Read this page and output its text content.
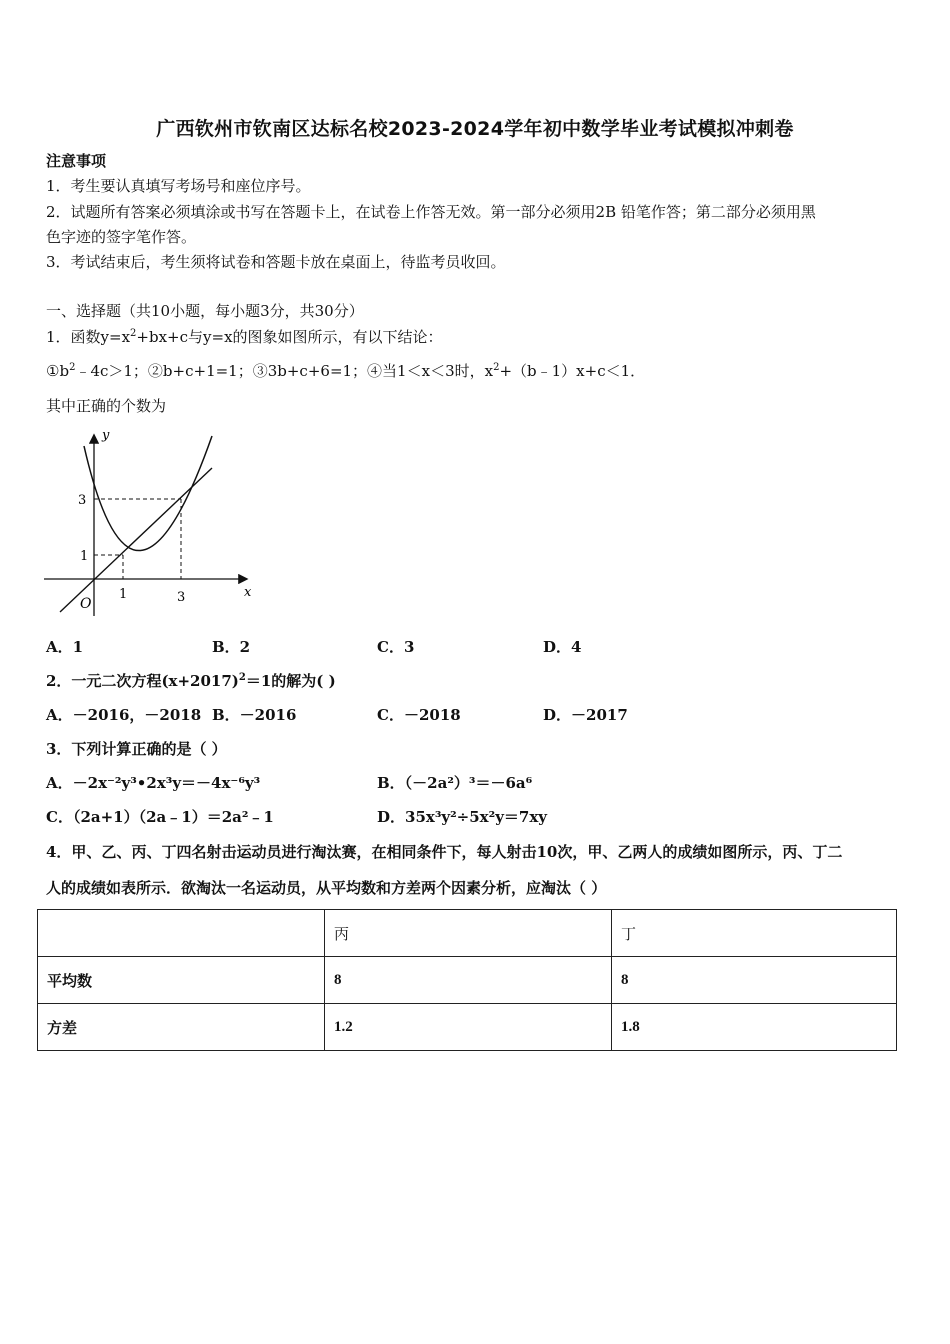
广西钦州市钦南区达标名校2023-2024学年初中数学毕业考试模拟冲刺卷
注意事项
1．考生要认真填写考场号和座位序号。
2．试题所有答案必须填涂或书写在答题卡上，在试卷上作答无效。第一部分必须用2B 铅笔作答；第二部分必须用黑
色字迹的签字笔作答。
3．考试结束后，考生须将试卷和答题卡放在桌面上，待监考员收回。
一、选择题（共10小题，每小题3分，共30分）
1．函数$y=x^2+bx+c$与y=x的图象如图所示，有以下结论：
$①b^2﹣4c>1$；②b+c+1=1；③3b+c+6=1；④当1＜x＜3时，$x^2+(b﹣1)x+c<1$．
其中正确的个数为
y
x
O
3
1
1	3
A．1	B．2	C．3	D．4
2．一元二次方程$(x+2017)^2=1$的解为( )
A．－2016，－2018 B．－2016	C．－2018	D．－2017
3．下列计算正确的是（ ）
A．－2x⁻²y³•2x³y＝－4x⁻⁶y³	B．（－2a²）³＝－6a⁶
C．（2a+1）（2a﹣1）＝2a²﹣1	D．35x³y²÷5x²y＝7xy
4．甲、乙、丙、丁四名射击运动员进行淘汰赛，在相同条件下，每人射击10次，甲、乙两人的成绩如图所示，丙、丁二
人的成绩如表所示．欲淘汰一名运动员，从平均数和方差两个因素分析，应淘汰（ ）
	丙	丁
平均数	8	8
方差	1.2	1.8
